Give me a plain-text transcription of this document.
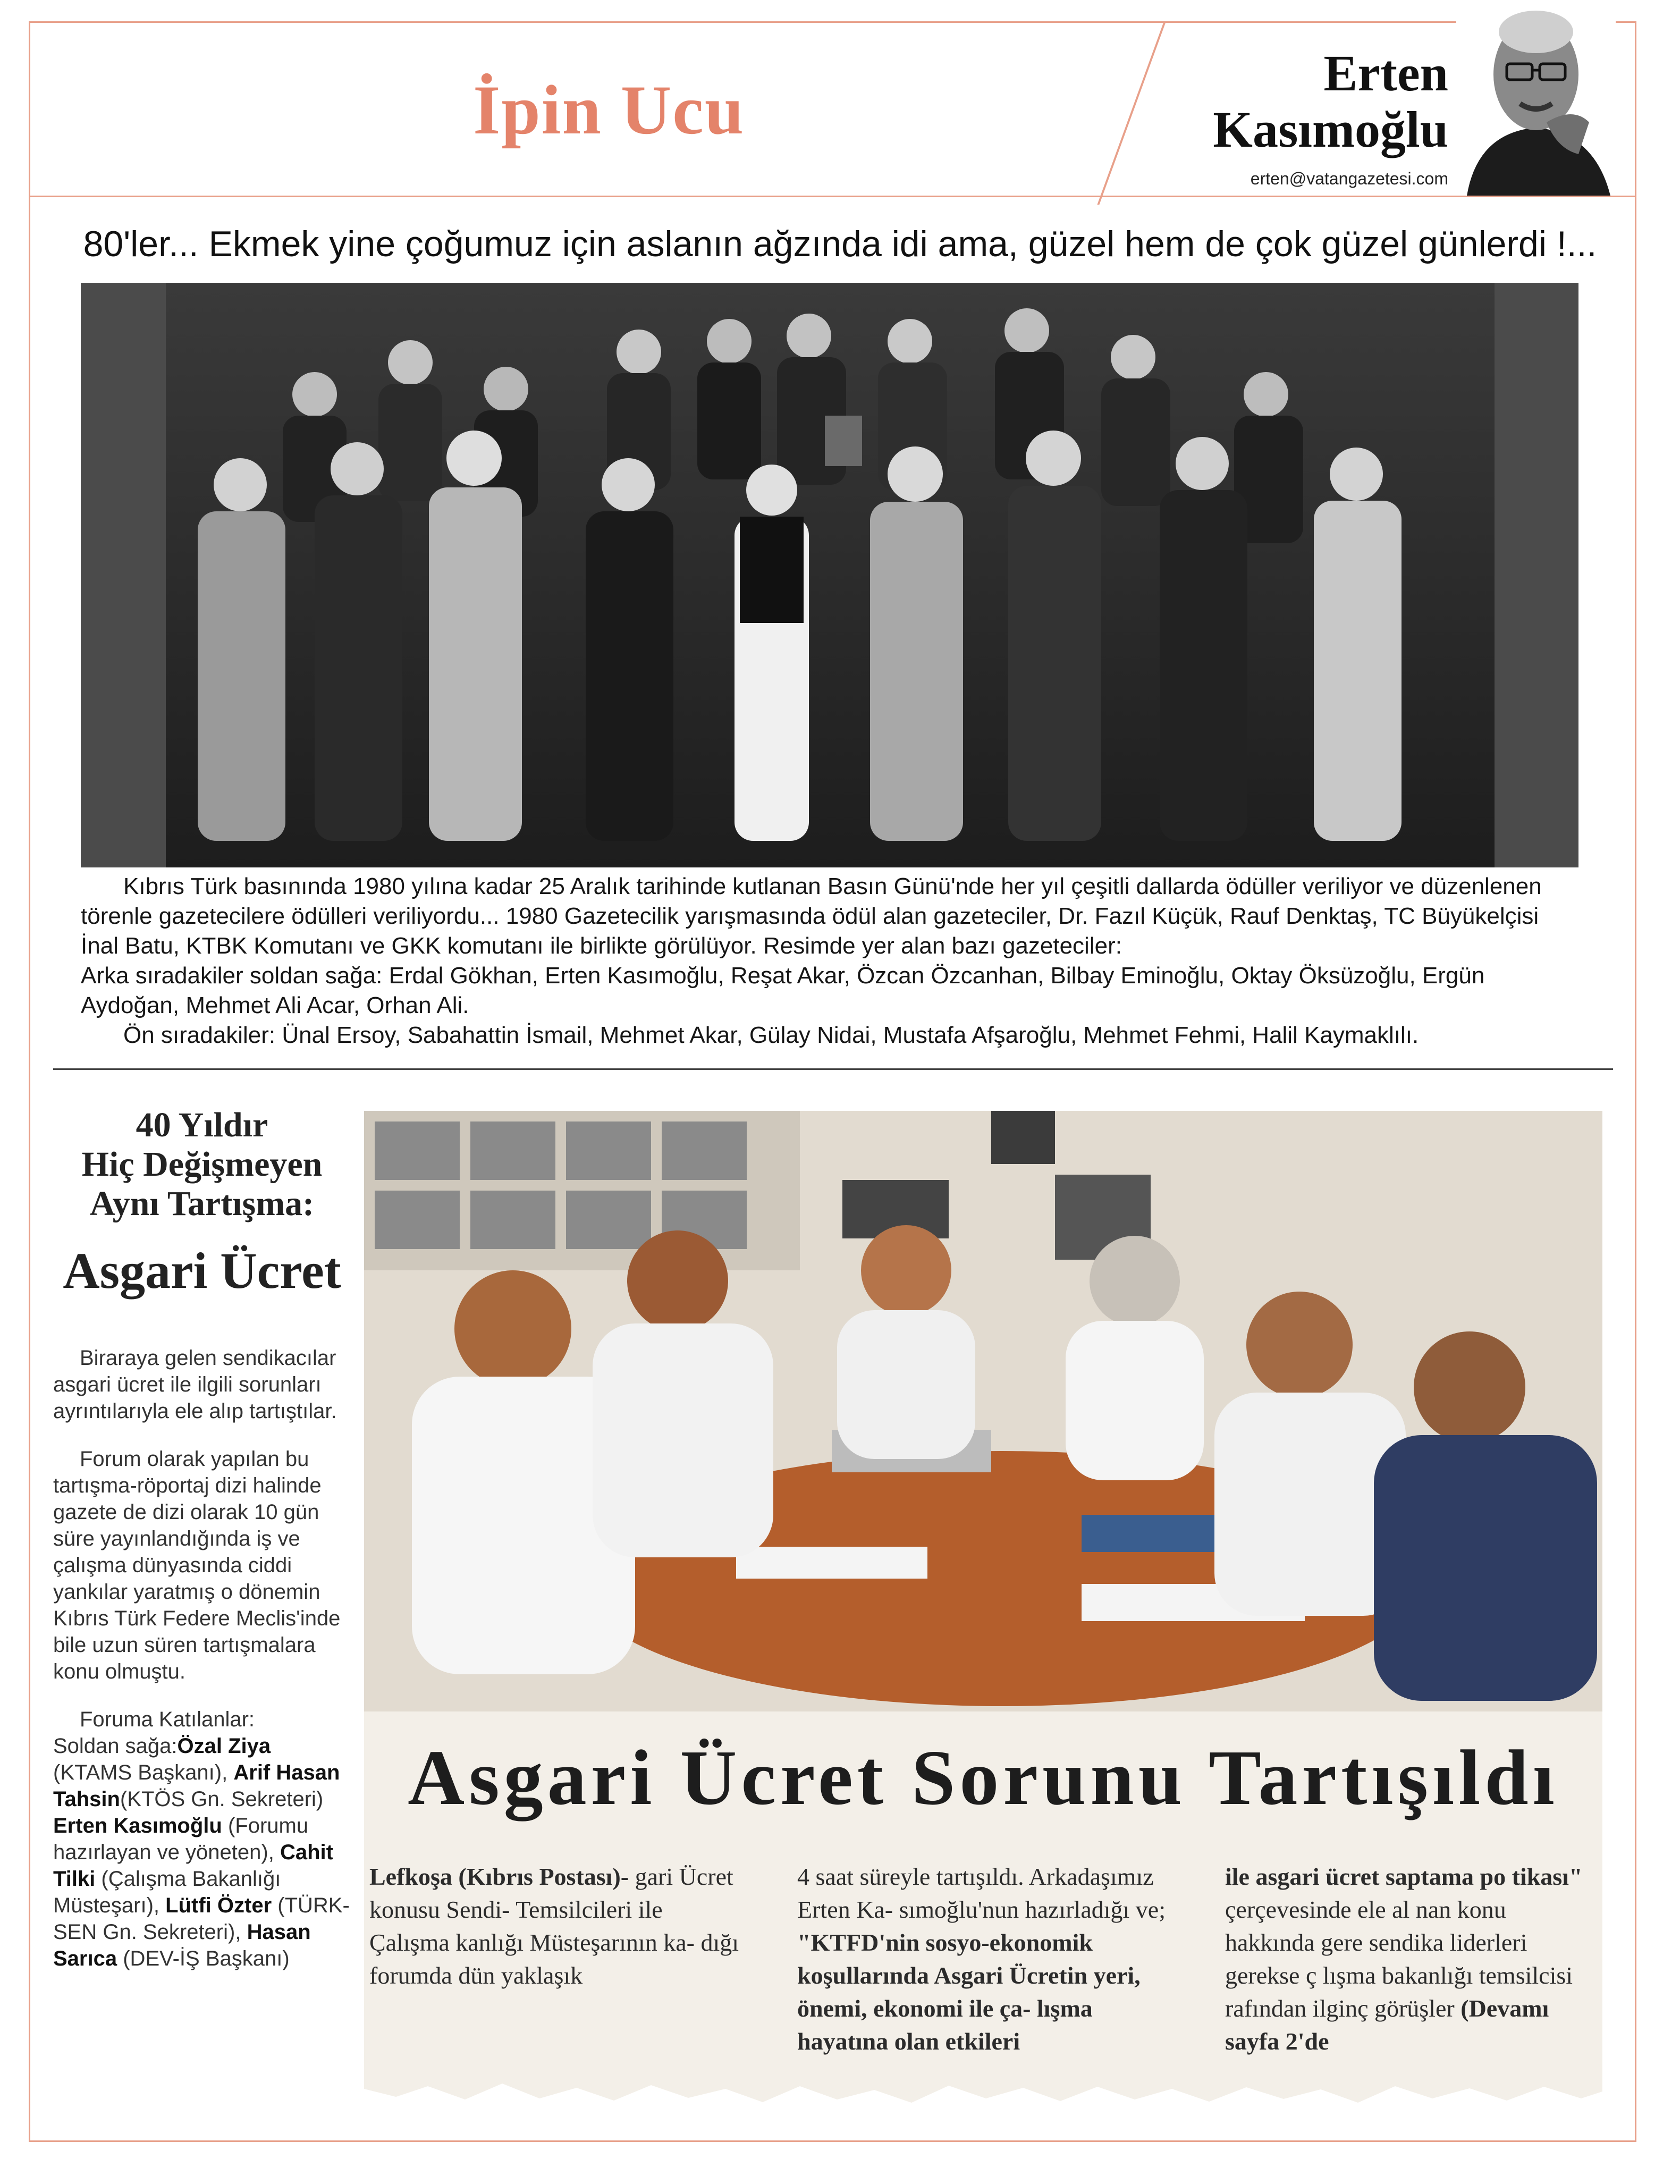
İpin Ucu	Erten
Kasımoğlu
erten@vatangazetesi.com
80'ler... Ekmek yine çoğumuz için aslanın ağzında idi ama, güzel hem de çok güzel günlerdi !...

Kıbrıs Türk basınında 1980 yılına kadar 25 Aralık tarihinde kutlanan Basın Günü'nde her yıl çeşitli dallarda ödüller veriliyor ve düzenlenen törenle gazetecilere ödülleri veriliyordu... 1980 Gazetecilik yarışmasında ödül alan gazeteciler, Dr. Fazıl Küçük, Rauf Denktaş, TC Büyükelçisi İnal Batu, KTBK Komutanı ve GKK komutanı ile birlikte görülüyor. Resimde yer alan bazı gazeteciler:

Arka sıradakiler soldan sağa: Erdal Gökhan, Erten Kasımoğlu, Reşat Akar, Özcan Özcanhan, Bilbay Eminoğlu, Oktay Öksüzoğlu, Ergün Aydoğan, Mehmet Ali Acar, Orhan Ali.

Ön sıradakiler: Ünal Ersoy, Sabahattin İsmail, Mehmet Akar, Gülay Nidai, Mustafa Afşaroğlu, Mehmet Fehmi, Halil Kaymaklılı.

40 Yıldır
Hiç Değişmeyen
Aynı Tartışma:
Asgari Ücret

Biraraya gelen sendikacılar asgari ücret ile ilgili sorunları ayrıntılarıyla ele alıp tartıştılar.

Forum olarak yapılan bu tartışma-röportaj dizi halinde gazete de dizi olarak 10 gün süre yayınlandığında iş ve çalışma dünyasında ciddi yankılar yaratmış o dönemin Kıbrıs Türk Federe Meclis'inde bile uzun süren tartışmalara konu olmuştu.

Foruma Katılanlar:
Soldan sağa:Özal Ziya (KTAMS Başkanı), Arif Hasan Tahsin(KTÖS Gn. Sekreteri) Erten Kasımoğlu (Forumu hazırlayan ve yöneten), Cahit Tilki (Çalışma Bakanlığı Müsteşarı), Lütfi Özter (TÜRK-SEN Gn. Sekreteri), Hasan Sarıca (DEV-İŞ Başkanı)
Asgari Ücret Sorunu Tartışıldı
Lefkoşa (Kıbrıs Postası)- gari Ücret konusu Sendi- Temsilcileri ile Çalışma kanlığı Müsteşarının ka- dığı forumda dün yaklaşık
4 saat süreyle tartışıldı. Arkadaşımız Erten Ka- sımoğlu'nun hazırladığı ve; "KTFD'nin sosyo-ekonomik koşullarında Asgari Ücretin yeri, önemi, ekonomi ile ça- lışma hayatına olan etkileri
ile asgari ücret saptama po tikası" çerçevesinde ele al nan konu hakkında gere sendika liderleri gerekse ç lışma bakanlığı temsilcisi rafından ilginç görüşler (Devamı sayfa 2'de
